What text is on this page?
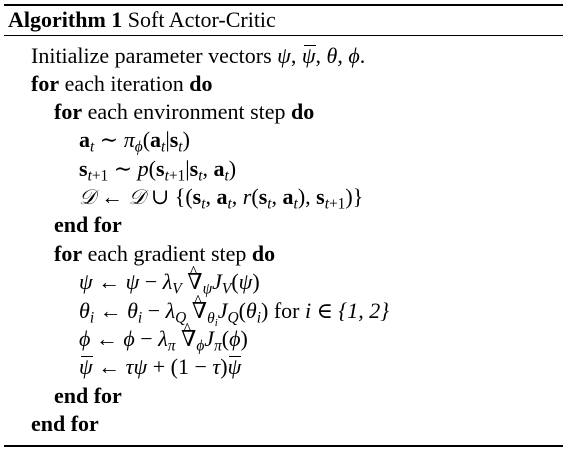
Algorithm 1 Soft Actor-Critic
Initialize parameter vectors ψ, ψ, θ, ϕ.
for each iteration do
for each environment step do
$a_t$ ∼ $\pi_\phi(a_t|s_t)$
$s_{t+1}$ ∼ $p(s_{t+1}|s_t$, $a_t$)
𝒟 ← 𝒟 ∪ {($s_t$, $a_t$, $r(s_t$, $a_t$), $s_{t+1}$)}
end for
for each gradient step do
ψ ← $\psi - \lambda_V$ ^ $\nabla_\psi J_V(\psi)$
$\theta_i$ ← $\theta_i - \lambda_Q$ ^ $\nabla_{\theta_i}J_Q(\theta_i)$ for i ∈ {1, 2}
ϕ ← $\phi - \lambda_\pi$ ^ $\nabla_\phi J_\pi(\phi)$
ψ ← τψ + (1 − τ)ψ
end for
end for
